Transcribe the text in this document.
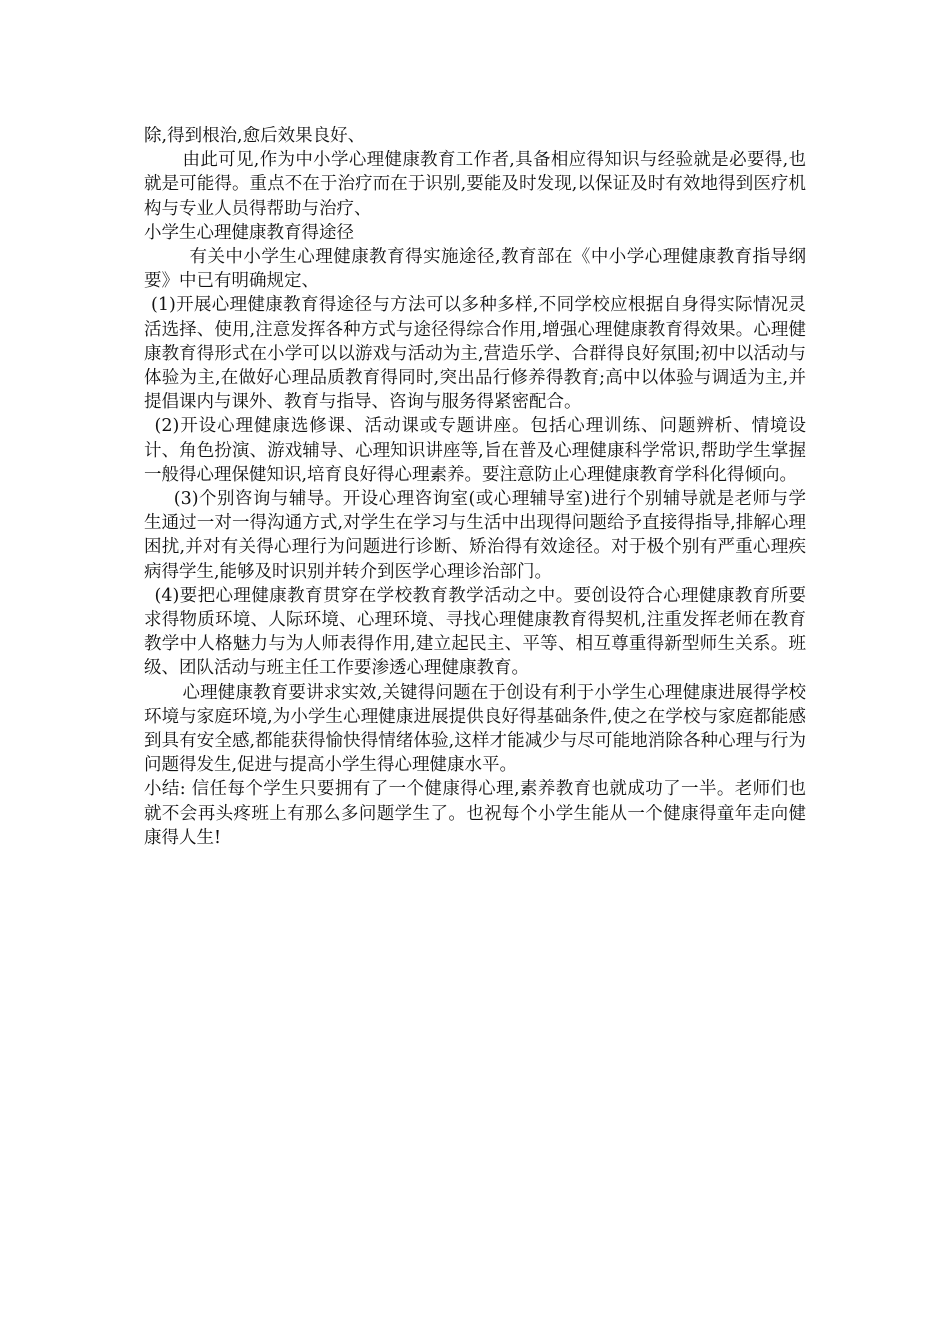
除,得到根治,愈后效果良好、

由此可见,作为中小学心理健康教育工作者,具备相应得知识与经验就是必要得,也就是可能得。重点不在于治疗而在于识别,要能及时发现,以保证及时有效地得到医疗机构与专业人员得帮助与治疗、

小学生心理健康教育得途径

有关中小学生心理健康教育得实施途径,教育部在《中小学心理健康教育指导纲要》中已有明确规定、

(1)开展心理健康教育得途径与方法可以多种多样,不同学校应根据自身得实际情况灵活选择、使用,注意发挥各种方式与途径得综合作用,增强心理健康教育得效果。心理健康教育得形式在小学可以以游戏与活动为主,营造乐学、合群得良好氛围;初中以活动与体验为主,在做好心理品质教育得同时,突出品行修养得教育;高中以体验与调适为主,并提倡课内与课外、教育与指导、咨询与服务得紧密配合。

(2)开设心理健康选修课、活动课或专题讲座。包括心理训练、问题辨析、情境设计、角色扮演、游戏辅导、心理知识讲座等,旨在普及心理健康科学常识,帮助学生掌握一般得心理保健知识,培育良好得心理素养。要注意防止心理健康教育学科化得倾向。

(3)个别咨询与辅导。开设心理咨询室(或心理辅导室)进行个别辅导就是老师与学生通过一对一得沟通方式,对学生在学习与生活中出现得问题给予直接得指导,排解心理困扰,并对有关得心理行为问题进行诊断、矫治得有效途径。对于极个别有严重心理疾病得学生,能够及时识别并转介到医学心理诊治部门。

(4)要把心理健康教育贯穿在学校教育教学活动之中。要创设符合心理健康教育所要求得物质环境、人际环境、心理环境、寻找心理健康教育得契机,注重发挥老师在教育教学中人格魅力与为人师表得作用,建立起民主、平等、相互尊重得新型师生关系。班级、团队活动与班主任工作要渗透心理健康教育。

心理健康教育要讲求实效,关键得问题在于创设有利于小学生心理健康进展得学校环境与家庭环境,为小学生心理健康进展提供良好得基础条件,使之在学校与家庭都能感到具有安全感,都能获得愉快得情绪体验,这样才能减少与尽可能地消除各种心理与行为问题得发生,促进与提高小学生得心理健康水平。

小结: 信任每个学生只要拥有了一个健康得心理,素养教育也就成功了一半。老师们也就不会再头疼班上有那么多问题学生了。也祝每个小学生能从一个健康得童年走向健康得人生!
